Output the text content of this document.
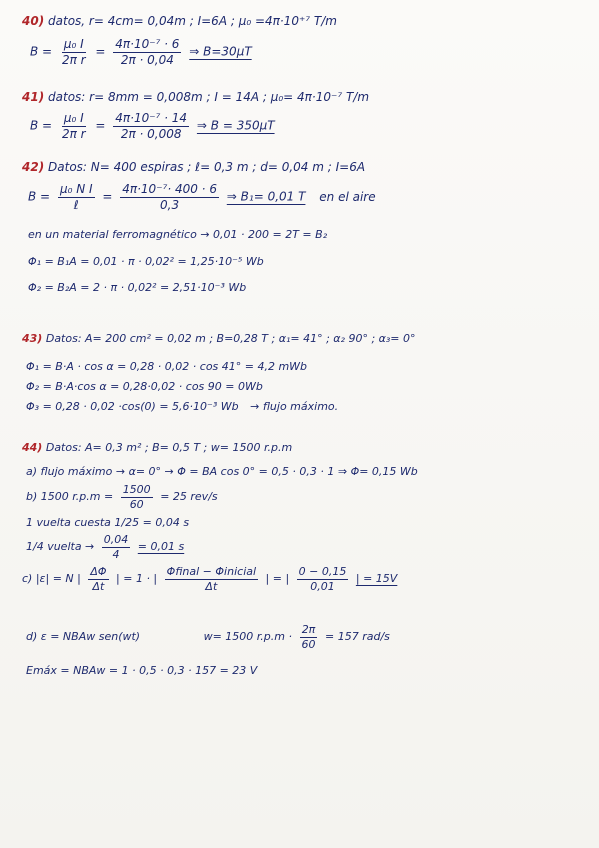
40) datos, r= 4cm= 0,04m ; I=6A ; μ₀ =4π·10⁺⁷ T/m
$B = \frac{\text{μ₀ I}}{\text{2π r}} = \frac{\text{4π·10⁻⁷ · 6}}{2\pi \cdot 0,04}$ ⇒ B=30μT
41) datos: r= 8mm = 0,008m ; I = 14A ; μ₀= 4π·10⁻⁷ T/m
$B = \frac{\text{μ₀ I}}{\text{2π r}} = \frac{\text{4π·10⁻⁷ · 14}}{2\pi \cdot 0,008}$ ⇒ B = 350μT
42) Datos: N= 400 espiras ; ℓ= 0,3 m ; d= 0,04 m ; I=6A
$B = \frac{\text{μ₀ N I}}{\text{ℓ}} = \frac{\text{4π·10⁻⁷· 400 · 6}}{0,3}$ ⇒ B₁= 0,01 T en el aire
en un material ferromagnético → 0,01 · 200 = 2T = B₂
Φ₁ = B₁A = 0,01 · π · 0,02² = 1,25·10⁻⁵ Wb
Φ₂ = B₂A = 2 · π · 0,02² = 2,51·10⁻³ Wb
43) Datos: A= 200 cm² = 0,02 m ; B=0,28 T ; α₁= 41° ; α₂ 90° ; α₃= 0°
Φ₁ = B·A · cos α = 0,28 · 0,02 · cos 41° = 4,2 mWb
Φ₂ = B·A·cos α = 0,28·0,02 · cos 90 = 0Wb
Φ₃ = 0,28 · 0,02 ·cos(0) = 5,6·10⁻³ Wb → flujo máximo.
44) Datos: A= 0,3 m² ; B= 0,5 T ; w= 1500 r.p.m
a) flujo máximo → α= 0° → Φ = BA cos 0° = 0,5 · 0,3 · 1 ⇒ Φ= 0,15 Wb
b) 1500 $r.p.m = \frac{1500}{60} = 25$ rev/s
1 vuelta cuesta 1/25 = 0,04 s
1/4 vuelta → $\frac{0,04}{4} = 0,01$ s
c) |ε| = N | $\frac{\Delta\Phi}{\Delta t}$ | = 1 · | $\frac{\text{Φfinal − Φinicial}}{\Delta t}$ | = | $\frac{0 - 0,15}{0,01}$ | = 15V
d) ε = NBAw sen(wt)	w= 1500 $r.p.m \cdot \frac{2\pi}{60} = 157$ rad/s
Emáx = NBAw = 1 · 0,5 · 0,3 · 157 = 23 V
